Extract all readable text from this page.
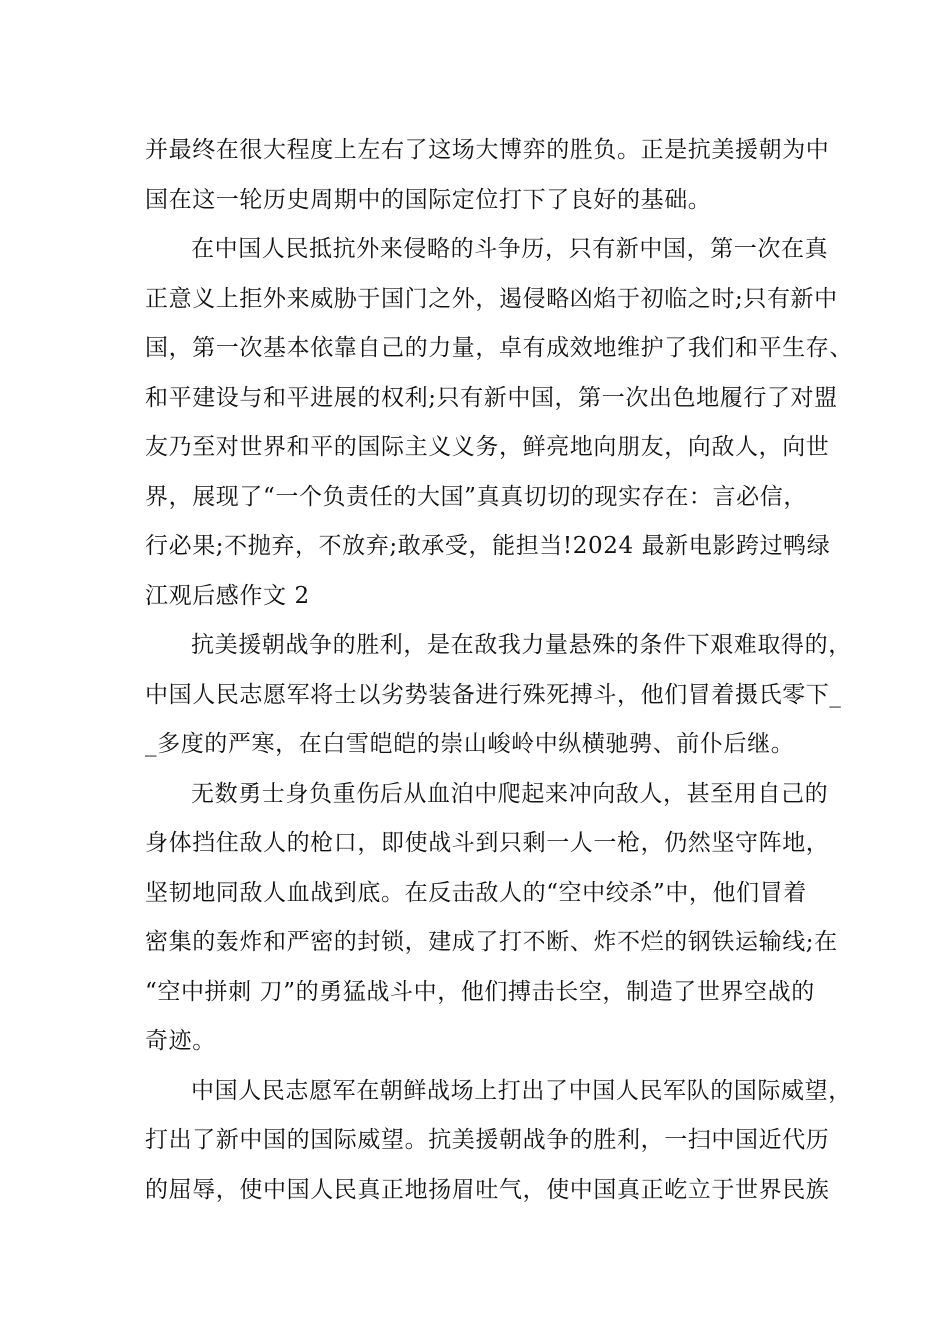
并最终在很大程度上左右了这场大博弈的胜负。正是抗美援朝为中
国在这一轮历史周期中的国际定位打下了良好的基础。
在中国人民抵抗外来侵略的斗争历，只有新中国，第一次在真
正意义上拒外来威胁于国门之外，遏侵略凶焰于初临之时;只有新中
国，第一次基本依靠自己的力量，卓有成效地维护了我们和平生存、
和平建设与和平进展的权利;只有新中国，第一次出色地履行了对盟
友乃至对世界和平的国际主义义务，鲜亮地向朋友，向敌人，向世
界，展现了“一个负责任的大国”真真切切的现实存在：言必信，
行必果;不抛弃，不放弃;敢承受，能担当!2024 最新电影跨过鸭绿
江观后感作文 2
抗美援朝战争的胜利，是在敌我力量悬殊的条件下艰难取得的，
中国人民志愿军将士以劣势装备进行殊死搏斗，他们冒着摄氏零下_
_多度的严寒，在白雪皑皑的崇山峻岭中纵横驰骋、前仆后继。
无数勇士身负重伤后从血泊中爬起来冲向敌人，甚至用自己的
身体挡住敌人的枪口，即使战斗到只剩一人一枪，仍然坚守阵地，
坚韧地同敌人血战到底。在反击敌人的“空中绞杀”中，他们冒着
密集的轰炸和严密的封锁，建成了打不断、炸不烂的钢铁运输线;在
“空中拼刺 刀”的勇猛战斗中，他们搏击长空，制造了世界空战的
奇迹。
中国人民志愿军在朝鲜战场上打出了中国人民军队的国际威望，
打出了新中国的国际威望。抗美援朝战争的胜利，一扫中国近代历
的屈辱，使中国人民真正地扬眉吐气，使中国真正屹立于世界民族
